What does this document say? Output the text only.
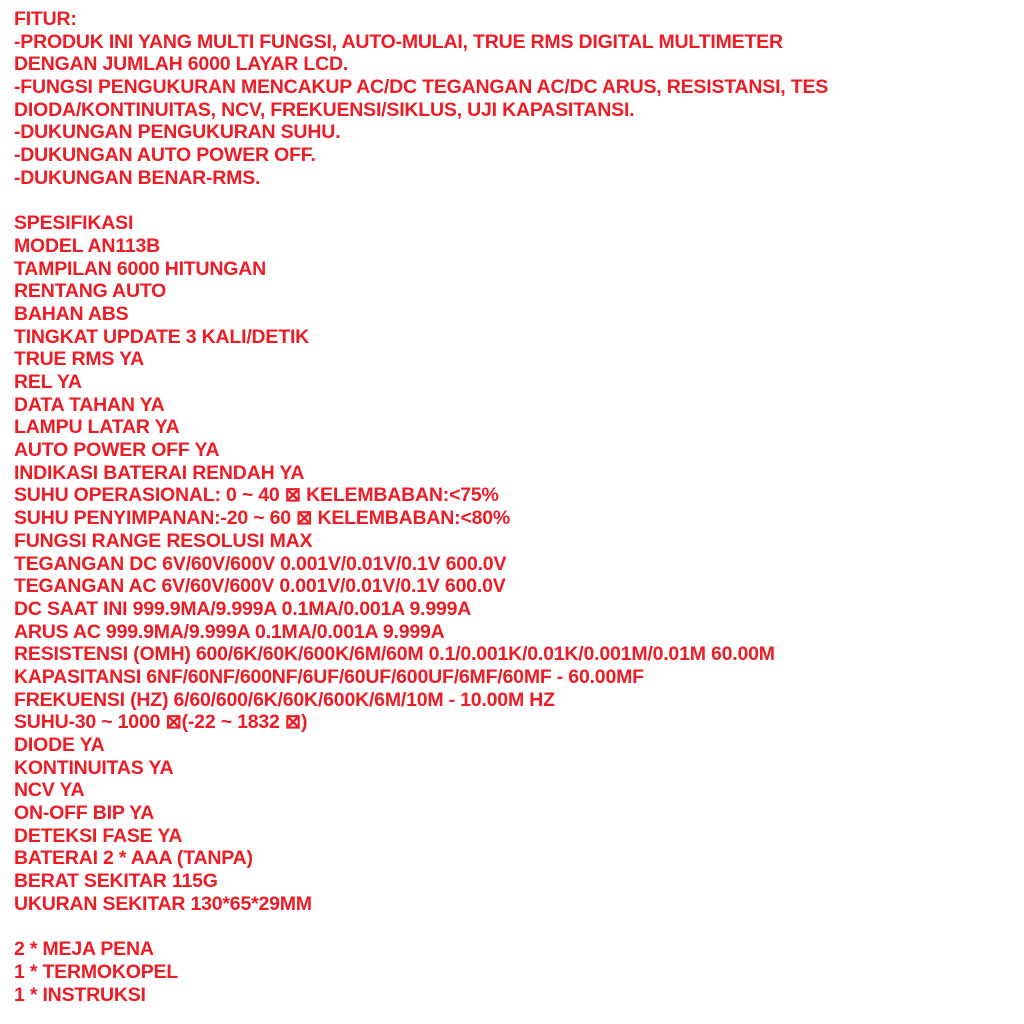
FITUR:
-PRODUK INI YANG MULTI FUNGSI, AUTO-MULAI, TRUE RMS DIGITAL MULTIMETER
DENGAN JUMLAH 6000 LAYAR LCD.
-FUNGSI PENGUKURAN MENCAKUP AC/DC TEGANGAN AC/DC ARUS, RESISTANSI, TES
DIODA/KONTINUITAS, NCV, FREKUENSI/SIKLUS, UJI KAPASITANSI.
-DUKUNGAN PENGUKURAN SUHU.
-DUKUNGAN AUTO POWER OFF.
-DUKUNGAN BENAR-RMS.
SPESIFIKASI
MODEL AN113B
TAMPILAN 6000 HITUNGAN
RENTANG AUTO
BAHAN ABS
TINGKAT UPDATE 3 KALI/DETIK
TRUE RMS YA
REL YA
DATA TAHAN YA
LAMPU LATAR YA
AUTO POWER OFF YA
INDIKASI BATERAI RENDAH YA
SUHU OPERASIONAL: 0 ~ 40 ⊠ KELEMBABAN:<75%
SUHU PENYIMPANAN:-20 ~ 60 ⊠ KELEMBABAN:<80%
FUNGSI RANGE RESOLUSI MAX
TEGANGAN DC 6V/60V/600V 0.001V/0.01V/0.1V 600.0V
TEGANGAN AC 6V/60V/600V 0.001V/0.01V/0.1V 600.0V
DC SAAT INI 999.9MA/9.999A 0.1MA/0.001A 9.999A
ARUS AC 999.9MA/9.999A 0.1MA/0.001A 9.999A
RESISTENSI (OMH) 600/6K/60K/600K/6M/60M 0.1/0.001K/0.01K/0.001M/0.01M 60.00M
KAPASITANSI 6NF/60NF/600NF/6UF/60UF/600UF/6MF/60MF - 60.00MF
FREKUENSI (HZ) 6/60/600/6K/60K/600K/6M/10M - 10.00M HZ
SUHU-30 ~ 1000 ⊠(-22 ~ 1832 ⊠)
DIODE YA
KONTINUITAS YA
NCV YA
ON-OFF BIP YA
DETEKSI FASE YA
BATERAI 2 * AAA (TANPA)
BERAT SEKITAR 115G
UKURAN SEKITAR 130*65*29MM
2 * MEJA PENA
1 * TERMOKOPEL
1 * INSTRUKSI
